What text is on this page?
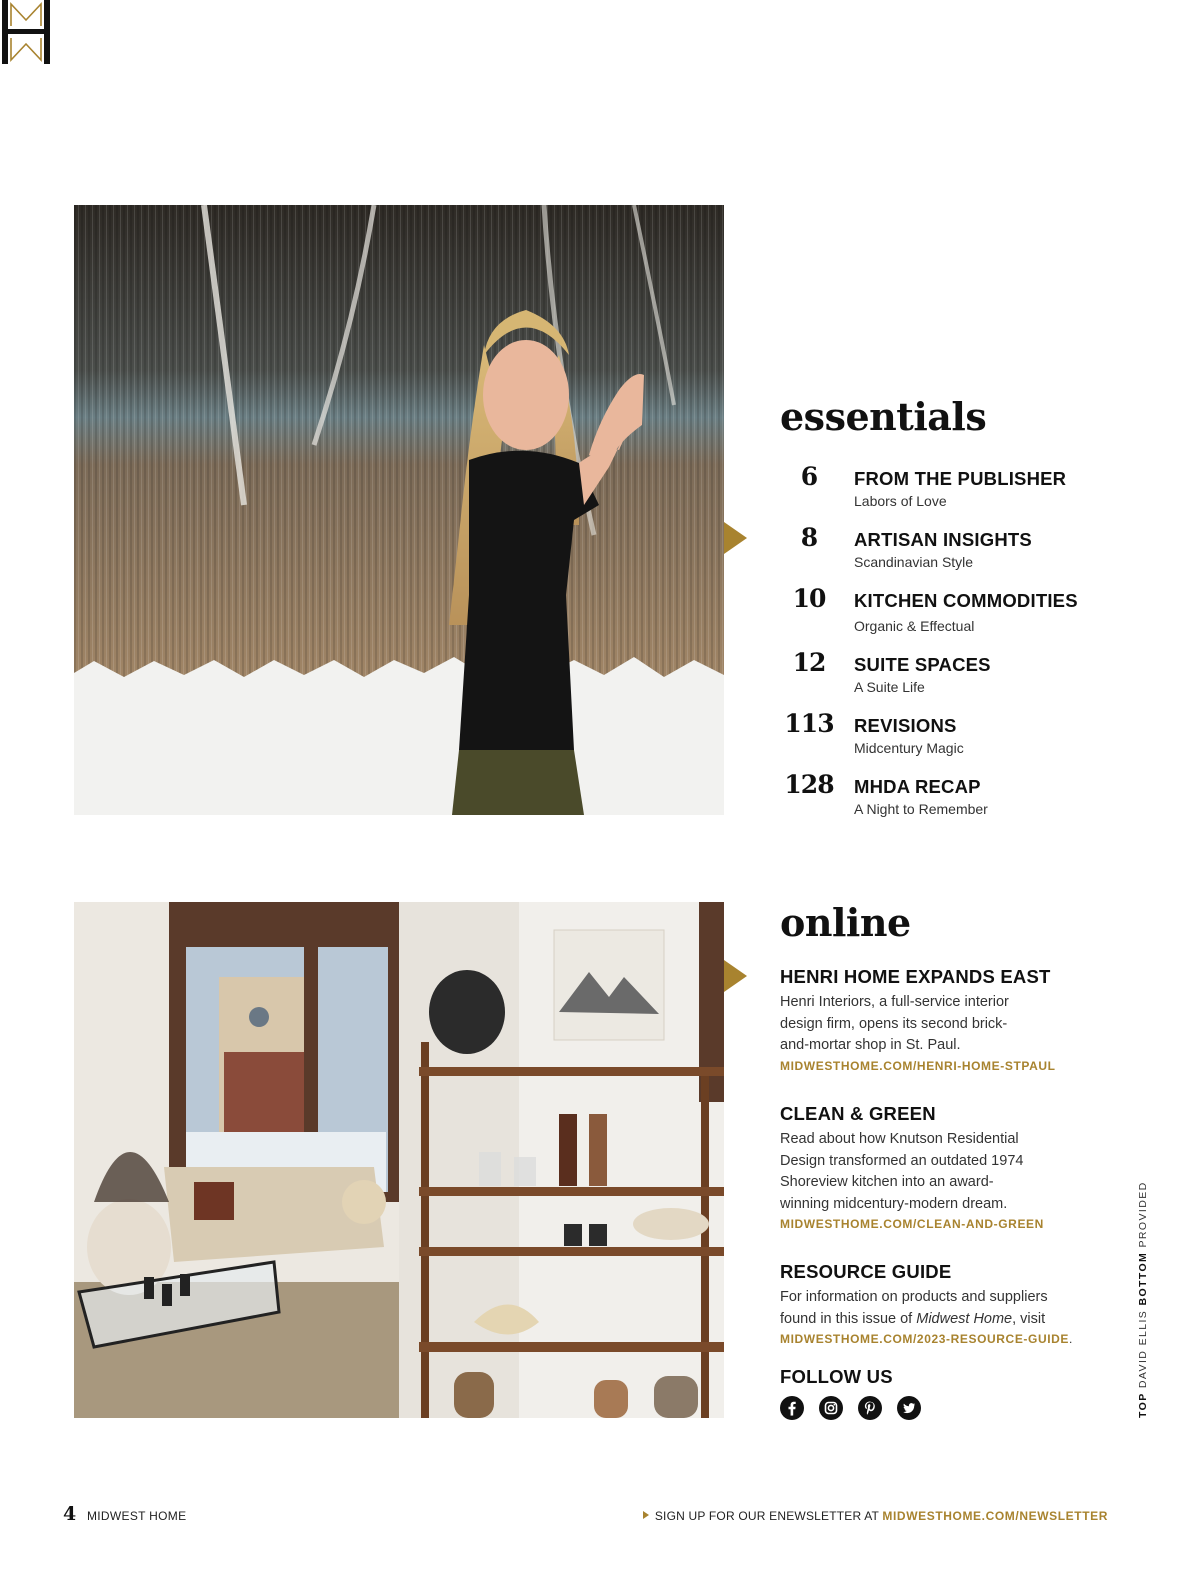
essentials
6	FROM THE PUBLISHER
Labors of Love
8	ARTISAN INSIGHTS
Scandinavian Style
10	KITCHEN COMMODITIES
Organic & Effectual
12	SUITE SPACES
A Suite Life
113 REVISIONS
Midcentury Magic
128 MHDA RECAP
A Night to Remember
online
HENRI HOME EXPANDS EAST

Henri Interiors, a full-service interior design firm, opens its second brick-and-mortar shop in St. Paul.

MIDWESTHOME.COM/HENRI-HOME-STPAUL
CLEAN & GREEN

Read about how Knutson Residential Design transformed an outdated 1974 Shoreview kitchen into an award-winning midcentury-modern dream.

MIDWESTHOME.COM/CLEAN-AND-GREEN
RESOURCE GUIDE

For information on products and suppliers found in this issue of Midwest Home, visit

MIDWESTHOME.COM/2023-RESOURCE-GUIDE.
FOLLOW US
TOP DAVID ELLIS BOTTOM PROVIDED
4 MIDWEST HOME	SIGN UP FOR OUR ENEWSLETTER AT MIDWESTHOME.COM/NEWSLETTER
